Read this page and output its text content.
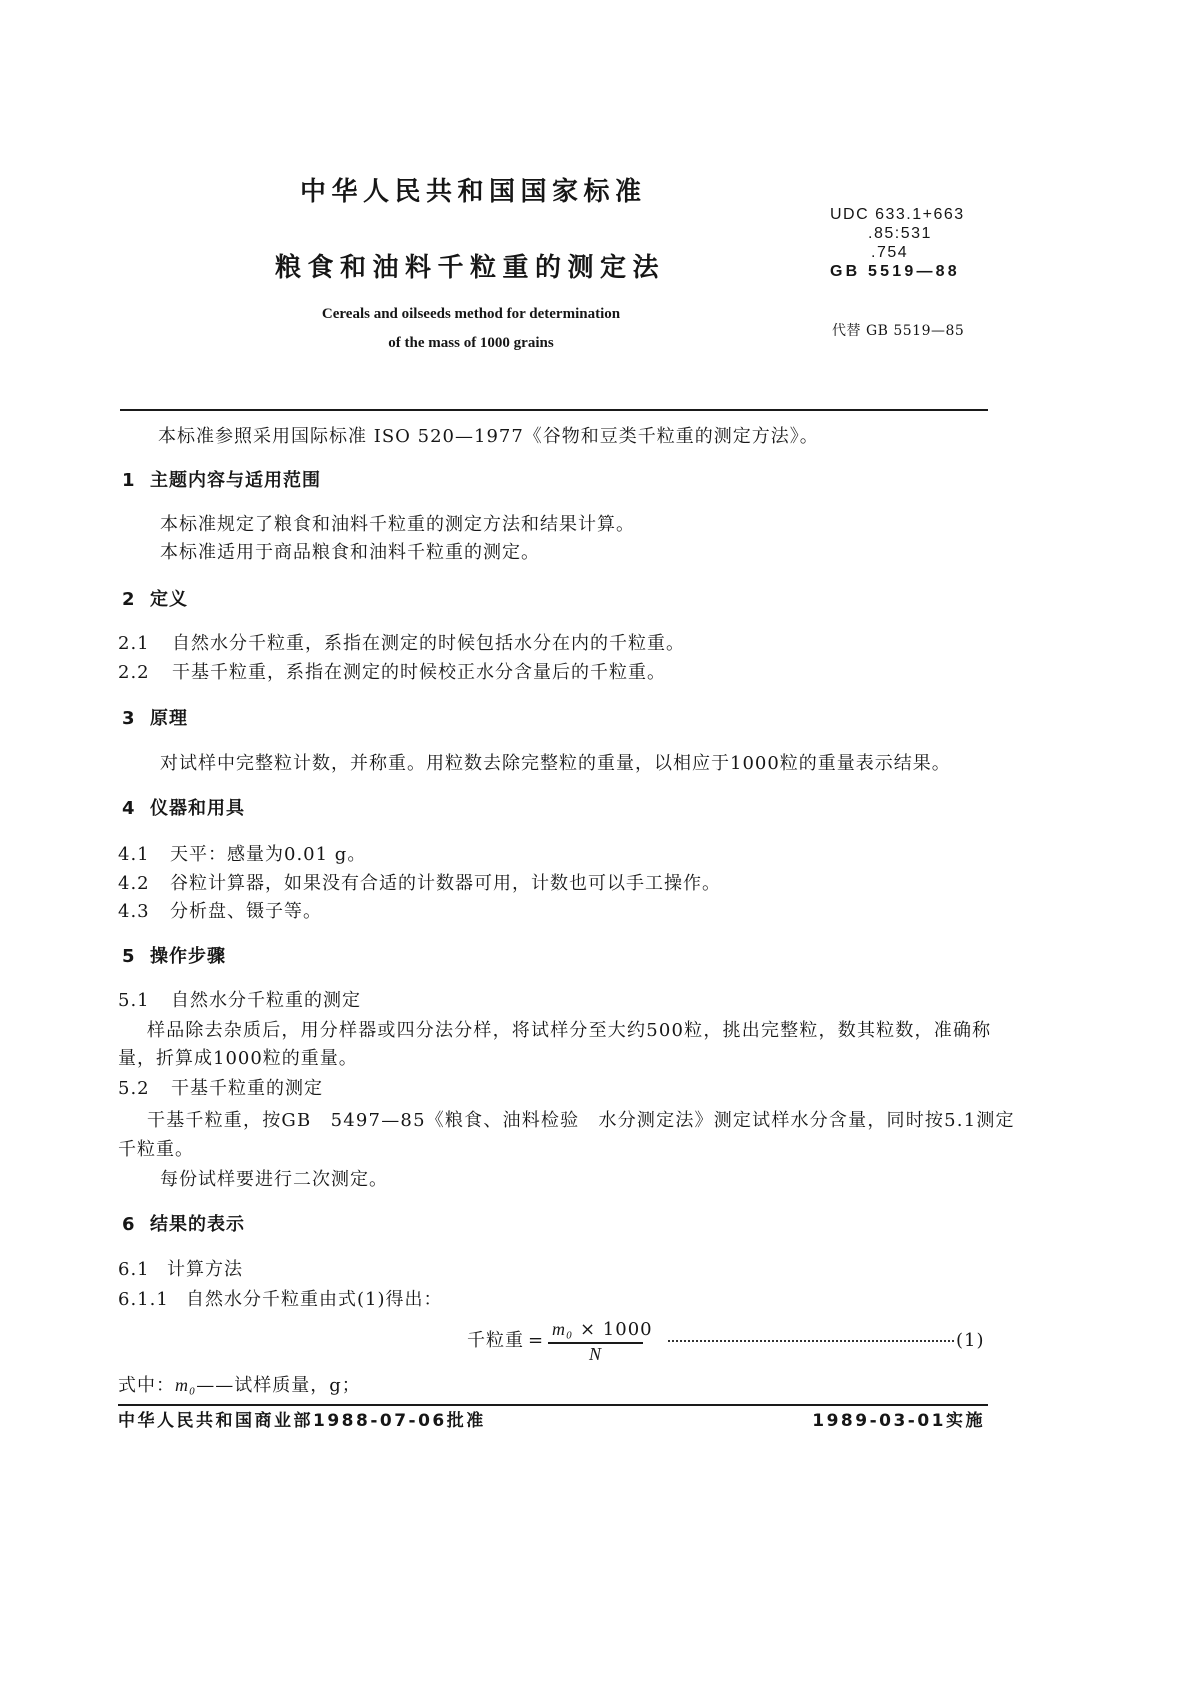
中华人民共和国国家标准
UDC 633.1+663
.85:531
.754
GB 5519—88
粮食和油料千粒重的测定法
Cereals and oilseeds method for determination
of the mass of 1000 grains
代替 GB 5519—85
本标准参照采用国际标准 ISO 520—1977《谷物和豆类千粒重的测定方法》。
1 主题内容与适用范围
本标准规定了粮食和油料千粒重的测定方法和结果计算。
本标准适用于商品粮食和油料千粒重的测定。
2 定义
2.1 自然水分千粒重，系指在测定的时候包括水分在内的千粒重。
2.2 干基千粒重，系指在测定的时候校正水分含量后的千粒重。
3 原理
对试样中完整粒计数，并称重。用粒数去除完整粒的重量，以相应于1000粒的重量表示结果。
4 仪器和用具
4.1 天平：感量为0.01 g。
4.2 谷粒计算器，如果没有合适的计数器可用，计数也可以手工操作。
4.3 分析盘、镊子等。
5 操作步骤
5.1 自然水分千粒重的测定
样品除去杂质后，用分样器或四分法分样，将试样分至大约500粒，挑出完整粒，数其粒数，准确称
量，折算成1000粒的重量。
5.2 干基千粒重的测定
干基千粒重，按GB　5497—85《粮食、油料检验　水分测定法》测定试样水分含量，同时按5.1测定
千粒重。
每份试样要进行二次测定。
6 结果的表示
6.1 计算方法
6.1.1 自然水分千粒重由式(1)得出：
千粒重 =
m₀ × 1000
N
(1)
式中：m₀——试样质量，g；
中华人民共和国商业部1988-07-06批准	1989-03-01实施
